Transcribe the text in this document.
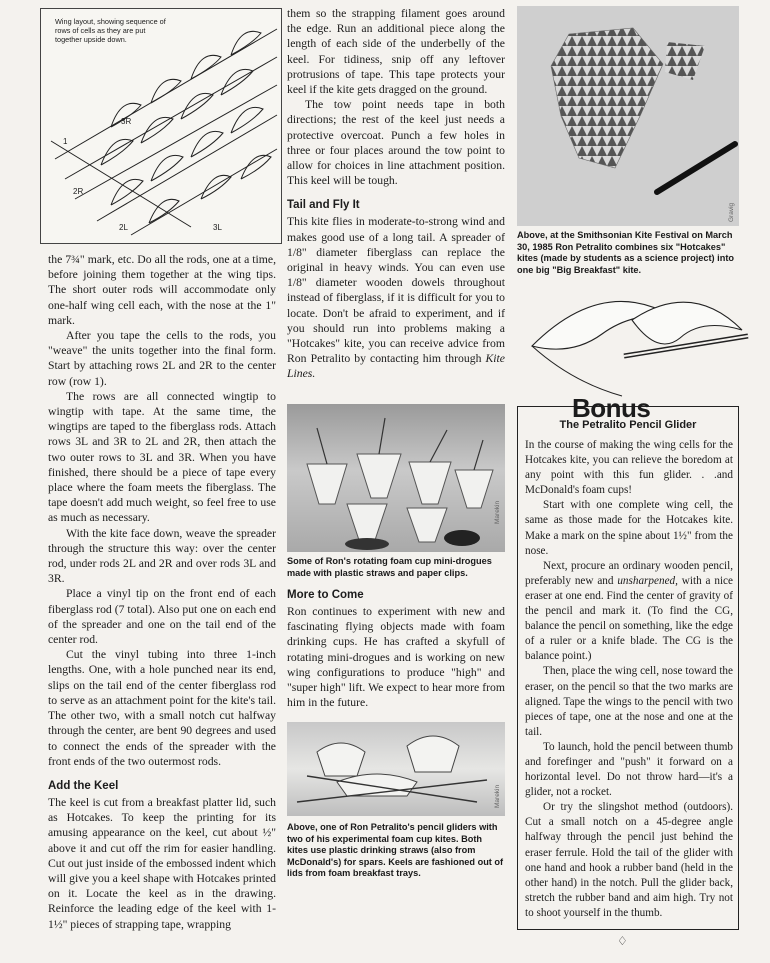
Wing layout, showing sequence of rows of cells as they are put together upside down.
3R
2R
1
2L	3L

the 7¾" mark, etc. Do all the rods, one at a time, before joining them together at the wing tips. The short outer rods will accommodate only one-half wing cell each, with the nose at the 1" mark.

After you tape the cells to the rods, you "weave" the units together into the final form. Start by attaching rows 2L and 2R to the center row (row 1).

The rows are all connected wingtip to wingtip with tape. At the same time, the wingtips are taped to the fiberglass rods. Attach rows 3L and 3R to 2L and 2R, then attach the two outer rows to 3L and 3R. When you have finished, there should be a piece of tape every place where the foam meets the fiberglass. The tape doesn't add much weight, so feel free to use as much as necessary.

With the kite face down, weave the spreader through the structure this way: over the center rod, under rods 2L and 2R and over rods 3L and 3R.

Place a vinyl tip on the front end of each fiberglass rod (7 total). Also put one on each end of the spreader and one on the tail end of the center rod.

Cut the vinyl tubing into three 1-inch lengths. One, with a hole punched near its end, slips on the tail end of the center fiberglass rod to serve as an attachment point for the kite's tail. The other two, with a small notch cut halfway through the center, are bent 90 degrees and used to connect the ends of the spreader with the front ends of the two outermost rods.

Add the Keel

The keel is cut from a breakfast platter lid, such as Hotcakes. To keep the printing for its amusing appearance on the keel, cut about ½" above it and cut off the rim for easier handling. Cut out just inside of the embossed indent which will give you a keel shape with Hotcakes printed on it. Locate the keel as in the drawing. Reinforce the leading edge of the keel with 1-1½" pieces of strapping tape, wrapping

them so the strapping filament goes around the edge. Run an additional piece along the length of each side of the underbelly of the keel. For tidiness, snip off any leftover protrusions of tape. This tape protects your keel if the kite gets dragged on the ground.

The tow point needs tape in both directions; the rest of the keel just needs a protective overcoat. Punch a few holes in three or four places around the tow point to allow for choices in line attachment position. This keel will be tough.

Tail and Fly It

This kite flies in moderate-to-strong wind and makes good use of a long tail. A spreader of 1/8" diameter fiberglass can replace the original in heavy winds. You can even use 1/8" diameter wooden dowels throughout instead of fiberglass, if it is difficult for you to locate. Don't be afraid to experiment, and if you should run into problems making a "Hotcakes" kite, you can receive advice from Ron Petralito by contacting him through Kite Lines.

Marekin

Some of Ron's rotating foam cup mini-drogues made with plastic straws and paper clips.

More to Come

Ron continues to experiment with new and fascinating flying objects made with foam drinking cups. He has crafted a skyfull of rotating mini-drogues and is working on new wing configurations to produce "high" and "super high" lift. We expect to hear more from him in the future.

Marekin

Above, one of Ron Petralito's pencil gliders with two of his experimental foam cup kites. Both kites use plastic drinking straws (also from McDonald's) for spars. Keels are fashioned out of lids from foam breakfast trays.

Gravig

Above, at the Smithsonian Kite Festival on March 30, 1985 Ron Petralito combines six "Hotcakes" kites (made by students as a science project) into one big "Big Breakfast" kite.

Bonus
The Petralito Pencil Glider

In the course of making the wing cells for the Hotcakes kite, you can relieve the boredom at any point with this fun glider. . .and McDonald's foam cups!

Start with one complete wing cell, the same as those made for the Hotcakes kite. Make a mark on the spine about 1½" from the nose.

Next, procure an ordinary wooden pencil, preferably new and unsharpened, with a nice eraser at one end. Find the center of gravity of the pencil and mark it. (To find the CG, balance the pencil on something, like the edge of a ruler or a knife blade. The CG is the balance point.)

Then, place the wing cell, nose toward the eraser, on the pencil so that the two marks are aligned. Tape the wings to the pencil with two pieces of tape, one at the nose and one at the tail.

To launch, hold the pencil between thumb and forefinger and "push" it forward on a horizontal level. Do not throw hard—it's a glider, not a rocket.

Or try the slingshot method (outdoors). Cut a small notch on a 45-degree angle halfway through the pencil just behind the eraser ferrule. Hold the tail of the glider with one hand and hook a rubber band (held in the other hand) in the notch. Pull the glider back, stretch the rubber band and aim high. Try not to shoot yourself in the thumb.

♢
